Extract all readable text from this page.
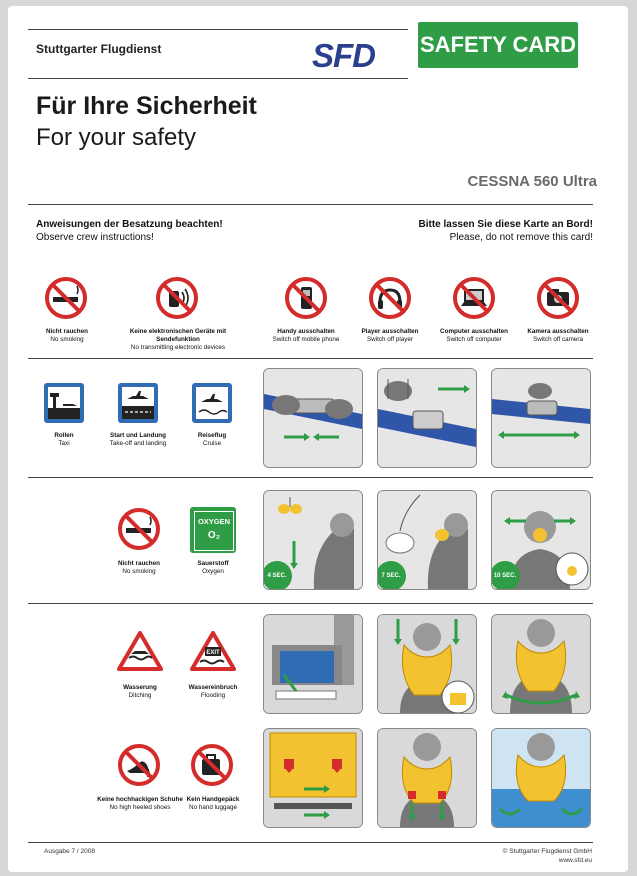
Stuttgarter Flugdienst	SFD SAFETY CARD
Für Ihre Sicherheit
For your safety
CESSNA 560 Ultra
Anweisungen der Besatzung beachten!
Observe crew instructions!
Bitte lassen Sie diese Karte an Bord!
Please, do not remove this card!
Nicht rauchen
No smoking
Keine elektronischen Geräte mit Sendefunktion
No transmitting electronic devices
Handy ausschalten
Switch off mobile phone
Player ausschalten
Switch off player
Computer ausschalten
Switch off computer
Kamera ausschalten
Switch off camera
Rollen
Taxi
Start und Landung
Take-off and landing
Reiseflug
Cruise
Nicht rauchen
No smoking
OXYGEN
O₂
Sauerstoff
Oxygen
4 SEC.	7 SEC.	10 SEC.
Wasserung
Ditching
EXIT
Wassereinbruch
Flooding
Keine hochhackigen Schuhe
No high heeled shoes
Kein Handgepäck
No hand luggage
Ausgabe 7 / 2008	© Stuttgarter Flugdienst GmbH
www.sfd.eu
